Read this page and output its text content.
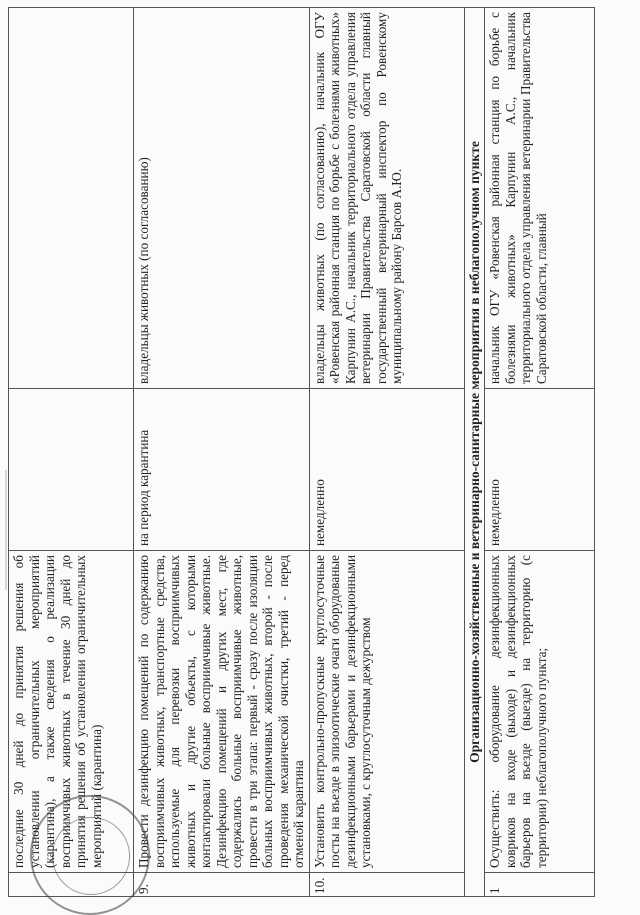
	последние 30 дней до принятия решения об установлении ограничительных мероприятий (карантина), а также сведения о реализации восприимчивых животных в течение 30 дней до принятия решения об установлении ограничительных мероприятий (карантина)		
9.	Провести дезинфекцию помещений по содержанию восприимчивых животных, транспортные средства, используемые для перевозки восприимчивых животных и другие объекты, с которыми контактировали больные восприимчивые животные. Дезинфекцию помещений и других мест, где содержались больные восприимчивые животные, провести в три этапа: первый - сразу после изоляции больных восприимчивых животных, второй - после проведения механической очистки, третий - перед отменой карантина	на период карантина	владельцы животных (по согласованию)
10.	Установить контрольно-пропускные круглосуточные посты на въезде в эпизоотические очаги оборудованые дезинфекционными барьерами и дезинфекционными установками, с круглосуточным дежурством	немедленно	владельцы животных (по согласованию), начальник ОГУ «Ровенская районная станция по борьбе с болезнями животных» Карпунин А.С., начальник территориального отдела управления ветеринарии Правительства Саратовской области главный государственный ветеринарный инспектор по Ровенскому муниципальному району Барсов А.Ю.
Организационно-хозяйственные и ветеринарно-санитарные мероприятия в неблагополучном пункте			
1	Осуществить: оборудование дезинфекционных ковриков на входе (выходе) и дезинфекционных барьеров на въезде (выезде) на территорию (с территории) неблагополучного пункта;	немедленно	начальник ОГУ «Ровенская районная станция по борьбе с болезнями животных» Карпунин А.С., начальник территориального отдела управления ветеринарии Правительства Саратовской области, главный
